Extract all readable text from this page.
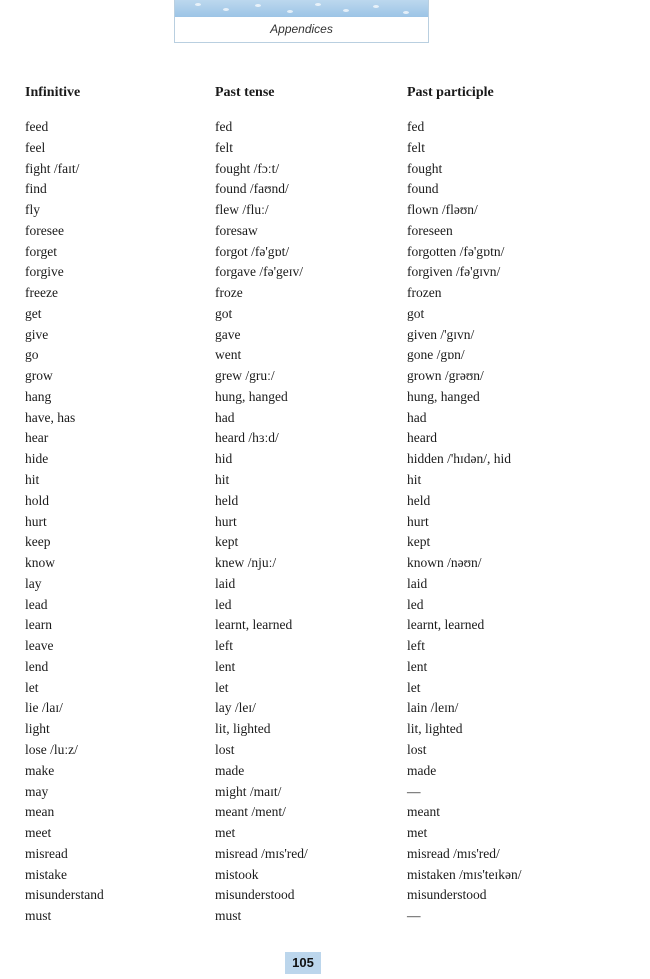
Appendices
Infinitive	Past tense	Past participle
feed	fed	fed
feel	felt	felt
fight /faɪt/	fought /fɔːt/	fought
find	found /faʊnd/	found
fly	flew /fluː/	flown /fləʊn/
foresee	foresaw	foreseen
forget	forgot /fə'gɒt/	forgotten /fə'gɒtn/
forgive	forgave /fə'geɪv/	forgiven /fə'gɪvn/
freeze	froze	frozen
get	got	got
give	gave	given /'gɪvn/
go	went	gone /gɒn/
grow	grew /gruː/	grown /grəʊn/
hang	hung, hanged	hung, hanged
have, has	had	had
hear	heard /hɜːd/	heard
hide	hid	hidden /'hɪdən/, hid
hit	hit	hit
hold	held	held
hurt	hurt	hurt
keep	kept	kept
know	knew /njuː/	known /nəʊn/
lay	laid	laid
lead	led	led
learn	learnt, learned	learnt, learned
leave	left	left
lend	lent	lent
let	let	let
lie /laɪ/	lay /leɪ/	lain /leɪn/
light	lit, lighted	lit, lighted
lose /luːz/	lost	lost
make	made	made
may	might /maɪt/	—
mean	meant /ment/	meant
meet	met	met
misread	misread /mɪs'red/	misread /mɪs'red/
mistake	mistook	mistaken /mɪs'teɪkən/
misunderstand	misunderstood	misunderstood
must	must	—
105
